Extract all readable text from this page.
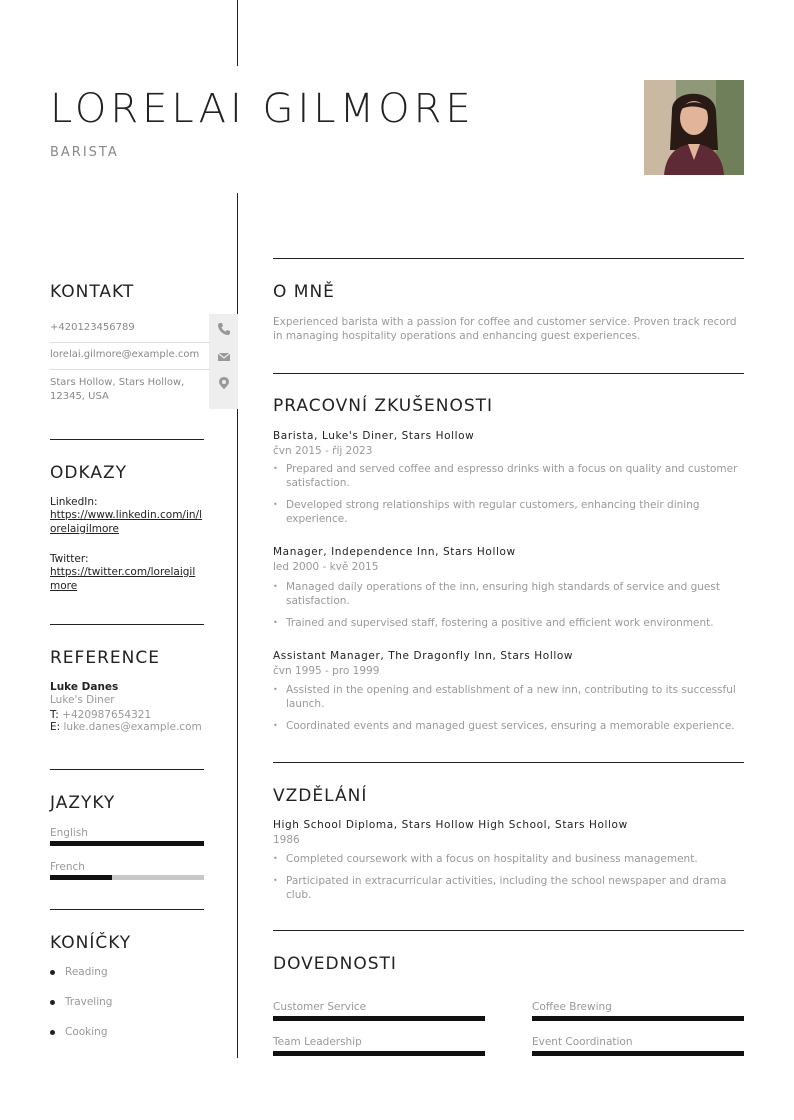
LORELAI GILMORE
BARISTA
KONTAKT
+420123456789
lorelai.gilmore@example.com
Stars Hollow, Stars Hollow, 12345, USA
ODKAZY
LinkedIn:
https://www.linkedin.com/in/lorelaigilmore
Twitter:
https://twitter.com/lorelaigilmore
REFERENCE
Luke Danes
Luke's Diner
T: +420987654321
E: luke.danes@example.com
JAZYKY
English
French
KONÍČKY
Reading
Traveling
Cooking
O MNĚ
Experienced barista with a passion for coffee and customer service. Proven track record in managing hospitality operations and enhancing guest experiences.
PRACOVNÍ ZKUŠENOSTI
Barista, Luke's Diner, Stars Hollow
čvn 2015 - říj 2023
• Prepared and served coffee and espresso drinks with a focus on quality and customer satisfaction.
• Developed strong relationships with regular customers, enhancing their dining experience.
Manager, Independence Inn, Stars Hollow
led 2000 - kvě 2015
• Managed daily operations of the inn, ensuring high standards of service and guest satisfaction.
• Trained and supervised staff, fostering a positive and efficient work environment.
Assistant Manager, The Dragonfly Inn, Stars Hollow
čvn 1995 - pro 1999
• Assisted in the opening and establishment of a new inn, contributing to its successful launch.
• Coordinated events and managed guest services, ensuring a memorable experience.
VZDĚLÁNÍ
High School Diploma, Stars Hollow High School, Stars Hollow
1986
• Completed coursework with a focus on hospitality and business management.
• Participated in extracurricular activities, including the school newspaper and drama club.
DOVEDNOSTI
Customer Service	Coffee Brewing
Team Leadership	Event Coordination
